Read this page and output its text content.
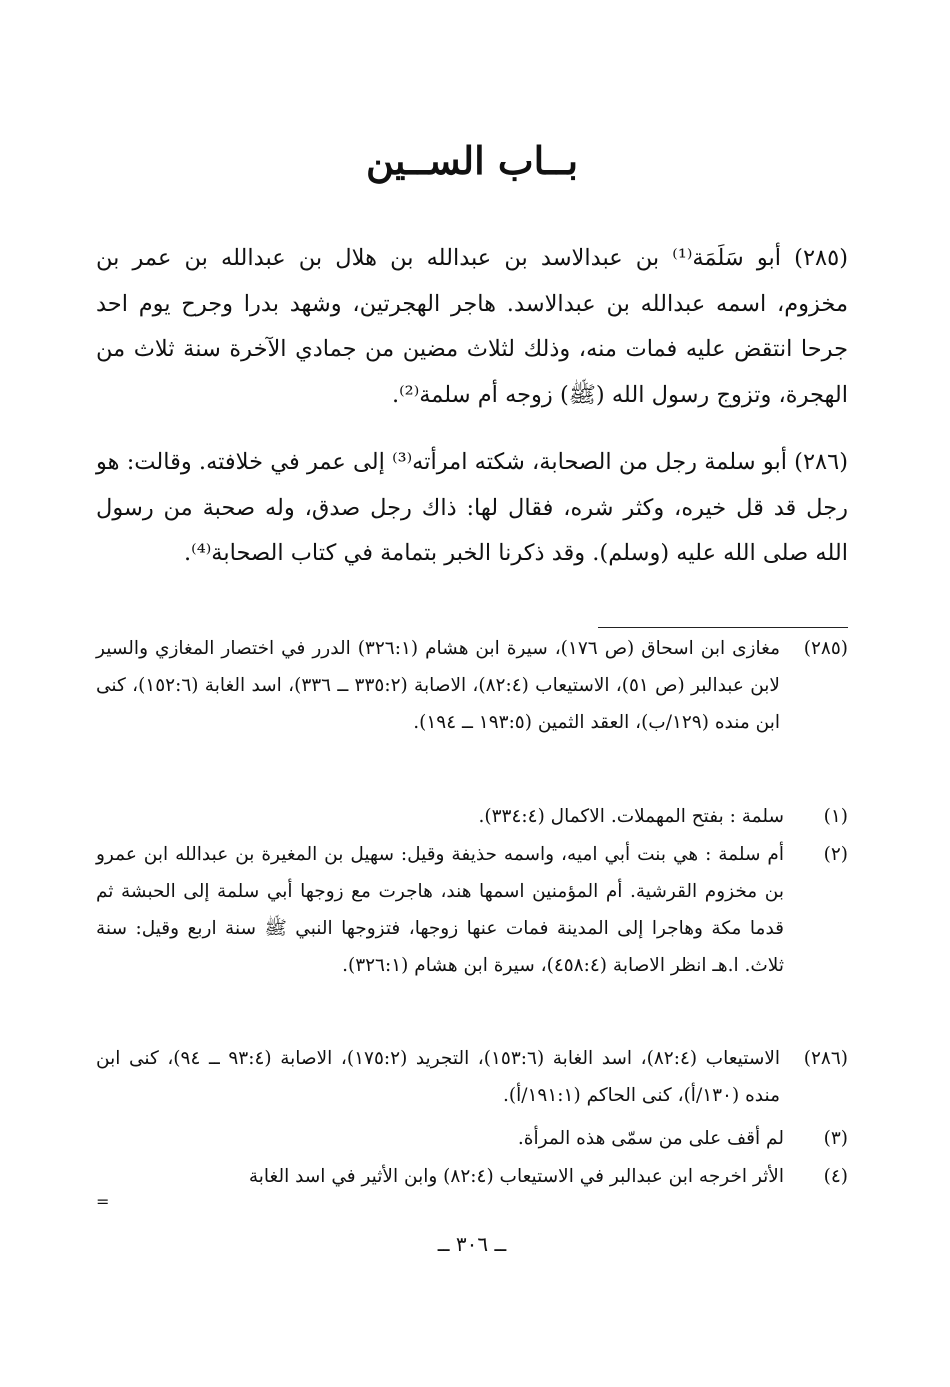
بــاب الســين

(٢٨٥) أبو سَلَمَة⁽¹⁾ بن عبدالاسد بن عبدالله بن هلال بن عبدالله بن عمر بن مخزوم، اسمه عبدالله بن عبدالاسد. هاجر الهجرتين، وشهد بدرا وجرح يوم احد جرحا انتقض عليه فمات منه، وذلك لثلاث مضين من جمادي الآخرة سنة ثلاث من الهجرة، وتزوج رسول الله (ﷺ) زوجه أم سلمة⁽²⁾.

(٢٨٦) أبو سلمة رجل من الصحابة، شكته امرأته⁽³⁾ إلى عمر في خلافته. وقالت: هو رجل قد قل خيره، وكثر شره، فقال لها: ذاك رجل صدق، وله صحبة من رسول الله صلى الله عليه (وسلم). وقد ذكرنا الخبر بتمامة في كتاب الصحابة⁽⁴⁾.

(٢٨٥)
مغازى ابن اسحاق (ص ١٧٦)، سيرة ابن هشام (٣٢٦:١) الدرر في اختصار المغازي والسير لابن عبدالبر (ص ٥١)، الاستيعاب (٨٢:٤)، الاصابة (٣٣٥:٢ ــ ٣٣٦)، اسد الغابة (١٥٢:٦)، كنى ابن منده (١٢٩/ب)، العقد الثمين (١٩٣:٥ ــ ١٩٤).

(١)
سلمة : بفتح المهملات. الاكمال (٣٣٤:٤).

(٢)
أم سلمة : هي بنت أبي اميه، واسمه حذيفة وقيل: سهيل بن المغيرة بن عبدالله ابن عمرو بن مخزوم القرشية. أم المؤمنين اسمها هند، هاجرت مع زوجها أبي سلمة إلى الحبشة ثم قدما مكة وهاجرا إلى المدينة فمات عنها زوجها، فتزوجها النبي ﷺ سنة اربع وقيل: سنة ثلاث. ا.هـ انظر الاصابة (٤٥٨:٤)، سيرة ابن هشام (٣٢٦:١).

(٢٨٦)
الاستيعاب (٨٢:٤)، اسد الغابة (١٥٣:٦)، التجريد (١٧٥:٢)، الاصابة (٩٣:٤ ــ ٩٤)، كنى ابن منده (١٣٠/أ)، كنى الحاكم (١٩١:١/أ).

(٣)
لم أقف على من سمّى هذه المرأة.

(٤)
الأثر اخرجه ابن عبدالبر في الاستيعاب (٨٢:٤) وابن الأثير في اسد الغابة

=
ــ ٣٠٦ ــ
